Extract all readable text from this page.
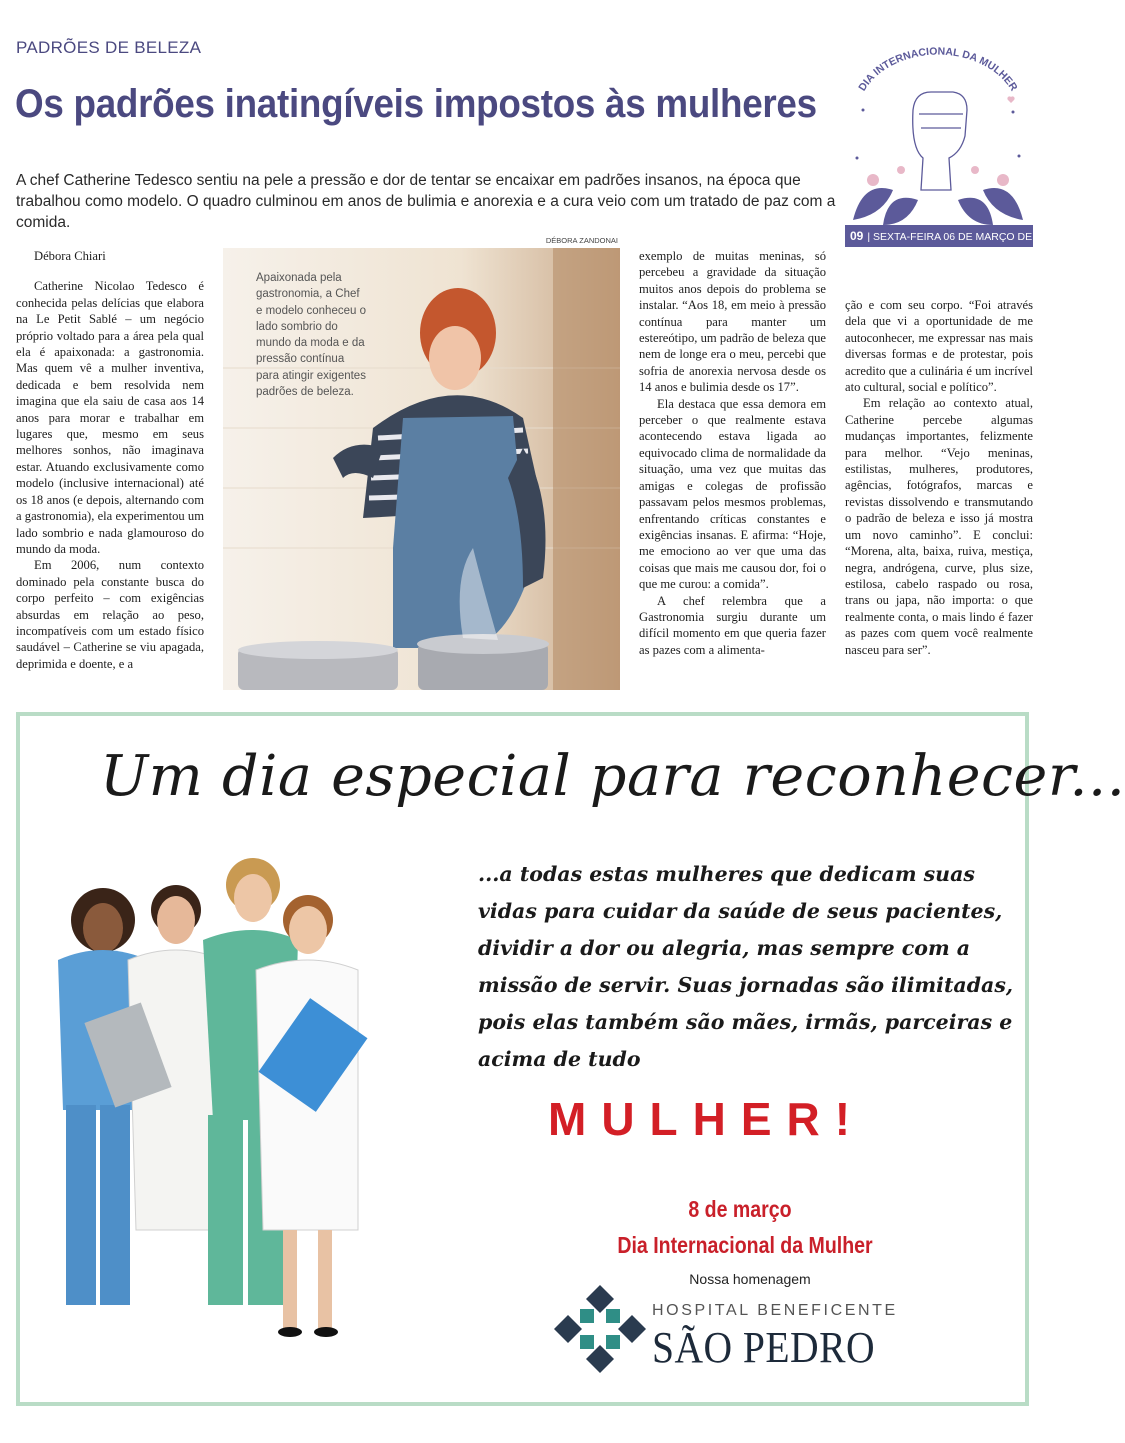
PADRÕES DE BELEZA
Os padrões inatingíveis impostos às mulheres
A chef Catherine Tedesco sentiu na pele a pressão e dor de tentar se encaixar em padrões insanos, na época que trabalhou como modelo. O quadro culminou em anos de bulimia e anorexia e a cura veio com um tratado de paz com a comida.
DIA INTERNACIONAL DA MULHER
09 | SEXTA-FEIRA 06 DE MARÇO DE 2020
Débora Chiari

Catherine Nicolao Tedesco é conhecida pelas delícias que elabora na Le Petit Sablé – um negócio próprio voltado para a área pela qual ela é apaixonada: a gastronomia. Mas quem vê a mulher inventiva, dedicada e bem resolvida nem imagina que ela saiu de casa aos 14 anos para morar e trabalhar em lugares que, mesmo em seus melhores sonhos, não imaginava estar. Atuando exclusivamente como modelo (inclusive internacional) até os 18 anos (e depois, alternando com a gastronomia), ela experimentou um lado sombrio e nada glamouroso do mundo da moda.

Em 2006, num contexto dominado pela constante busca do corpo perfeito – com exigências absurdas em relação ao peso, incompatíveis com um estado físico saudável – Catherine se viu apagada, deprimida e doente, e a

DÉBORA ZANDONAI
Apaixonada pela gastronomia, a Chef e modelo conheceu o lado sombrio do mundo da moda e da pressão contínua para atingir exigentes padrões de beleza.

exemplo de muitas meninas, só percebeu a gravidade da situação muitos anos depois do problema se instalar. “Aos 18, em meio à pressão contínua para manter um estereótipo, um padrão de beleza que nem de longe era o meu, percebi que sofria de anorexia nervosa desde os 14 anos e bulimia desde os 17”.

Ela destaca que essa demora em perceber o que realmente estava acontecendo estava ligada ao equivocado clima de normalidade da situação, uma vez que muitas das amigas e colegas de profissão passavam pelos mesmos problemas, enfrentando críticas constantes e exigências insanas. E afirma: “Hoje, me emociono ao ver que uma das coisas que mais me causou dor, foi o que me curou: a comida”.

A chef relembra que a Gastronomia surgiu durante um difícil momento em que queria fazer as pazes com a alimenta-

ção e com seu corpo. “Foi através dela que vi a oportunidade de me autoconhecer, me expressar nas mais diversas formas e de protestar, pois acredito que a culinária é um incrível ato cultural, social e político”.

Em relação ao contexto atual, Catherine percebe algumas mudanças importantes, felizmente para melhor. “Vejo meninas, estilistas, mulheres, produtores, agências, fotógrafos, marcas e revistas dissolvendo e transmutando o padrão de beleza e isso já mostra um novo caminho”. E conclui: “Morena, alta, baixa, ruiva, mestiça, negra, andrógena, curve, plus size, estilosa, cabelo raspado ou rosa, trans ou japa, não importa: o que realmente conta, o mais lindo é fazer as pazes com quem você realmente nasceu para ser”.

Um dia especial para reconhecer...
...a todas estas mulheres que dedicam suas vidas para cuidar da saúde de seus pacientes, dividir a dor ou alegria, mas sempre com a missão de servir. Suas jornadas são ilimitadas, pois elas também são mães, irmãs, parceiras e acima de tudo
MULHER!
8 de março
Dia Internacional da Mulher
Nossa homenagem
HOSPITAL BENEFICENTE
SÃO PEDRO
